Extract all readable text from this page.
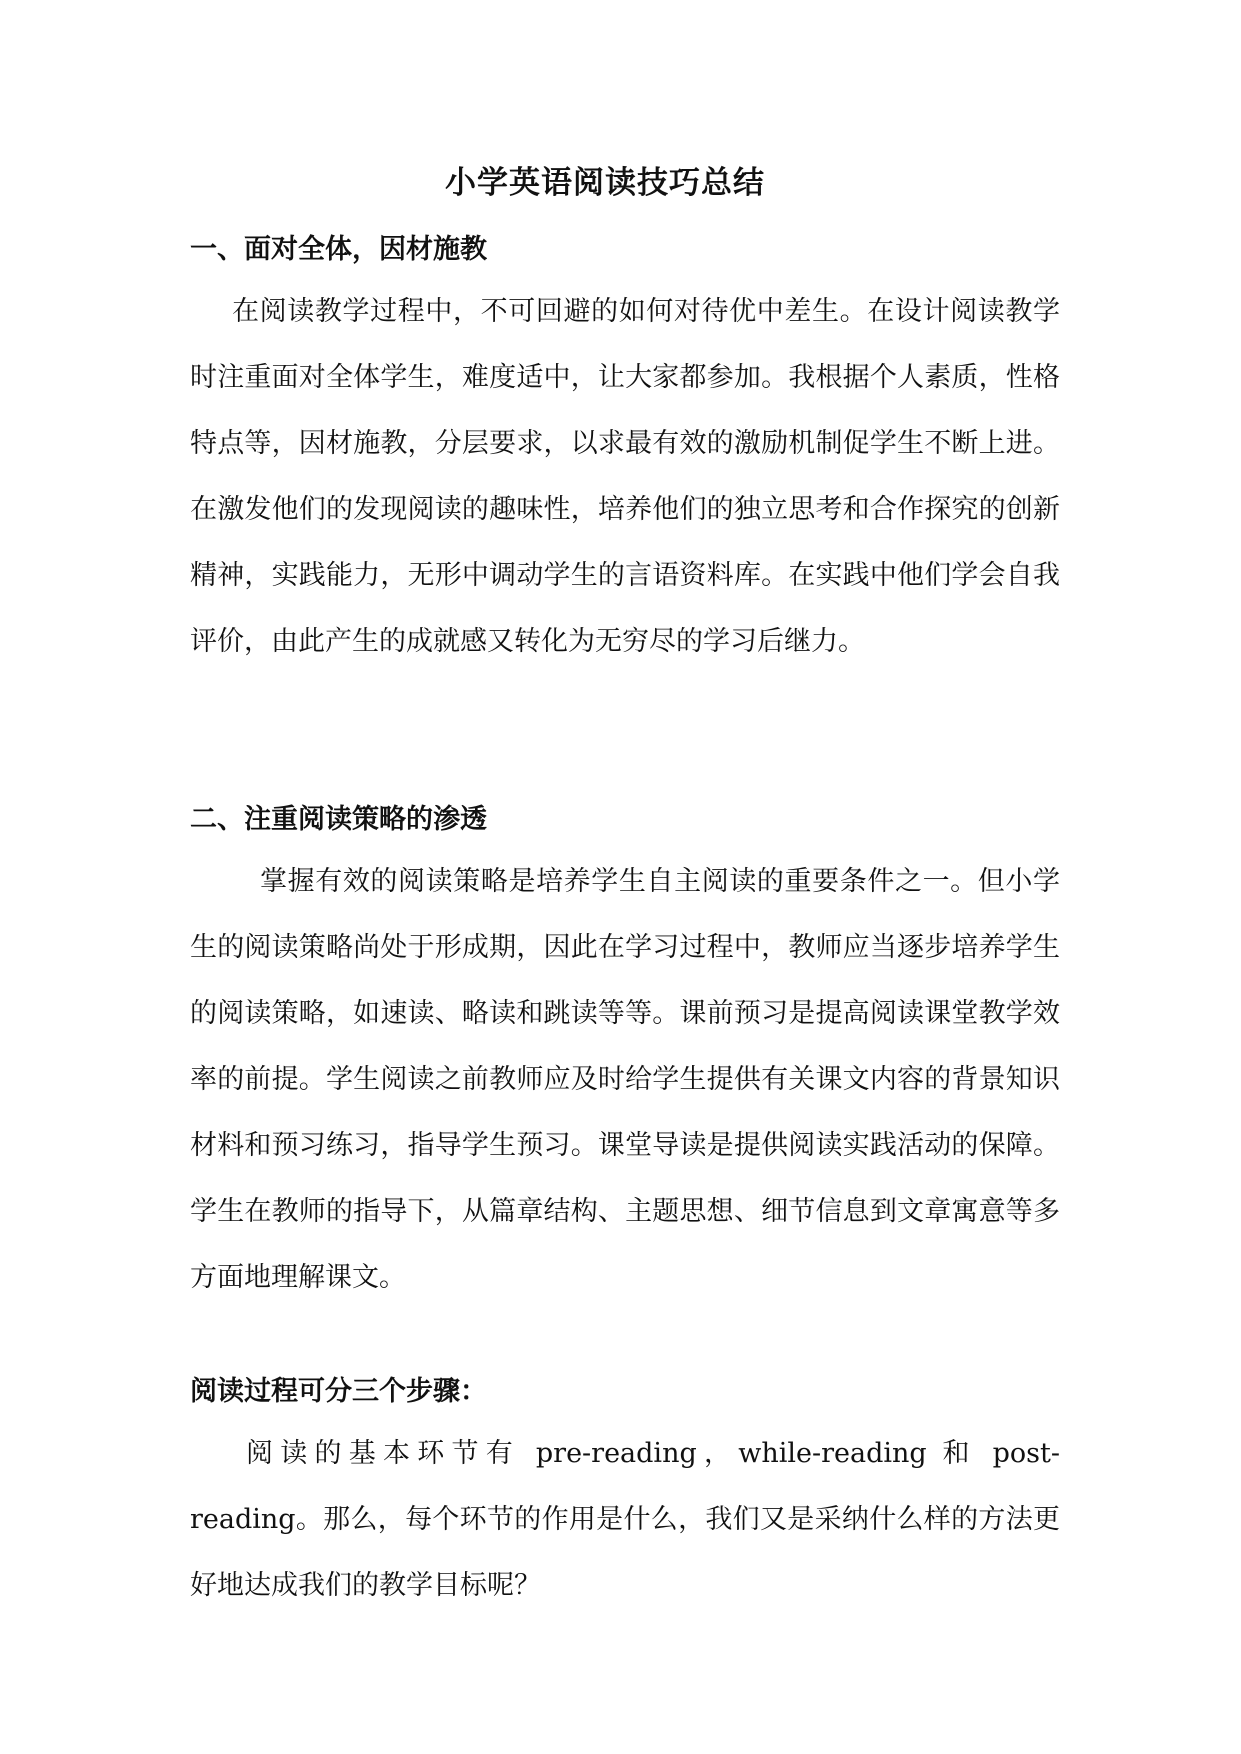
小学英语阅读技巧总结
一、面对全体，因材施教
在阅读教学过程中，不可回避的如何对待优中差生。在设计阅读教学时注重面对全体学生，难度适中，让大家都参加。我根据个人素质，性格特点等，因材施教，分层要求，以求最有效的激励机制促学生不断上进。在激发他们的发现阅读的趣味性，培养他们的独立思考和合作探究的创新精神，实践能力，无形中调动学生的言语资料库。在实践中他们学会自我评价，由此产生的成就感又转化为无穷尽的学习后继力。
二、注重阅读策略的渗透
掌握有效的阅读策略是培养学生自主阅读的重要条件之一。但小学生的阅读策略尚处于形成期，因此在学习过程中，教师应当逐步培养学生的阅读策略，如速读、略读和跳读等等。课前预习是提高阅读课堂教学效率的前提。学生阅读之前教师应及时给学生提供有关课文内容的背景知识材料和预习练习，指导学生预习。课堂导读是提供阅读实践活动的保障。学生在教师的指导下，从篇章结构、主题思想、细节信息到文章寓意等多方面地理解课文。
阅读过程可分三个步骤：
阅读的基本环节有 pre-reading，while-reading 和 post-reading。那么，每个环节的作用是什么，我们又是采纳什么样的方法更好地达成我们的教学目标呢？
